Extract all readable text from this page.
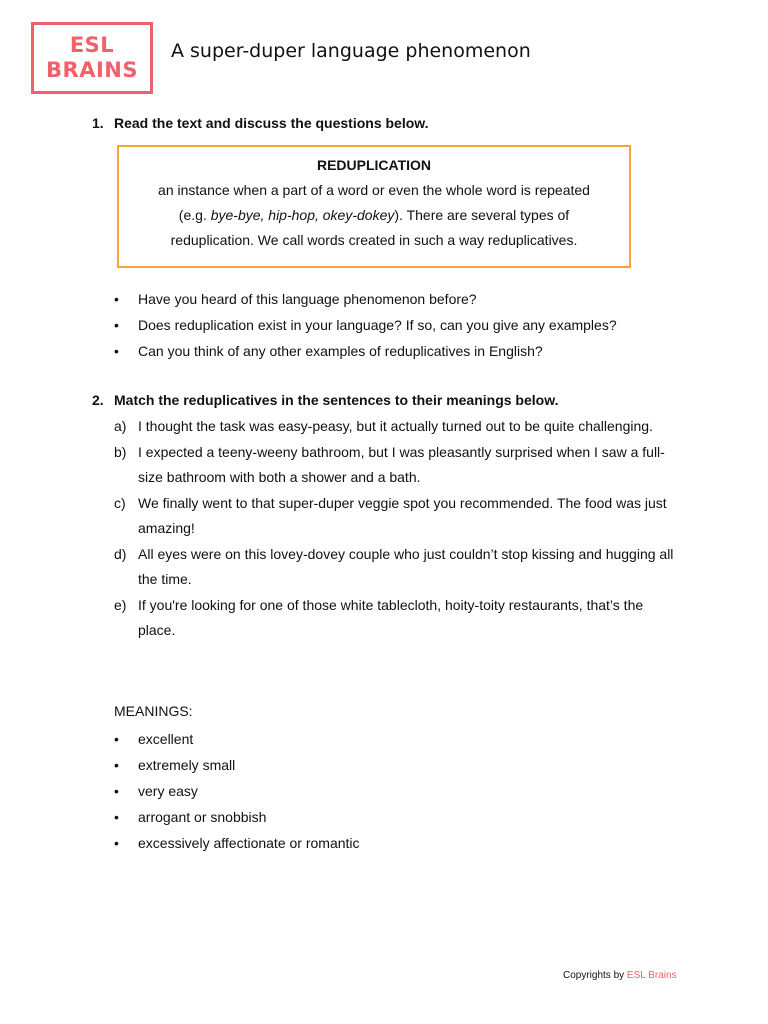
ESL
BRAINS
A super-duper language phenomenon
1. Read the text and discuss the questions below.
REDUPLICATION
an instance when a part of a word or even the whole word is repeated
(e.g. bye-bye, hip-hop, okey-dokey). There are several types of
reduplication. We call words created in such a way reduplicatives.
• Have you heard of this language phenomenon before?
• Does reduplication exist in your language? If so, can you give any examples?
• Can you think of any other examples of reduplicatives in English?
2. Match the reduplicatives in the sentences to their meanings below.
a) I thought the task was easy-peasy, but it actually turned out to be quite challenging.
b) I expected a teeny-weeny bathroom, but I was pleasantly surprised when I saw a full-size bathroom with both a shower and a bath.
c) We finally went to that super-duper veggie spot you recommended. The food was just amazing!
d) All eyes were on this lovey-dovey couple who just couldn’t stop kissing and hugging all the time.
e) If you're looking for one of those white tablecloth, hoity-toity restaurants, that’s the place.
MEANINGS:
• excellent
• extremely small
• very easy
• arrogant or snobbish
• excessively affectionate or romantic
Copyrights by ESL Brains
